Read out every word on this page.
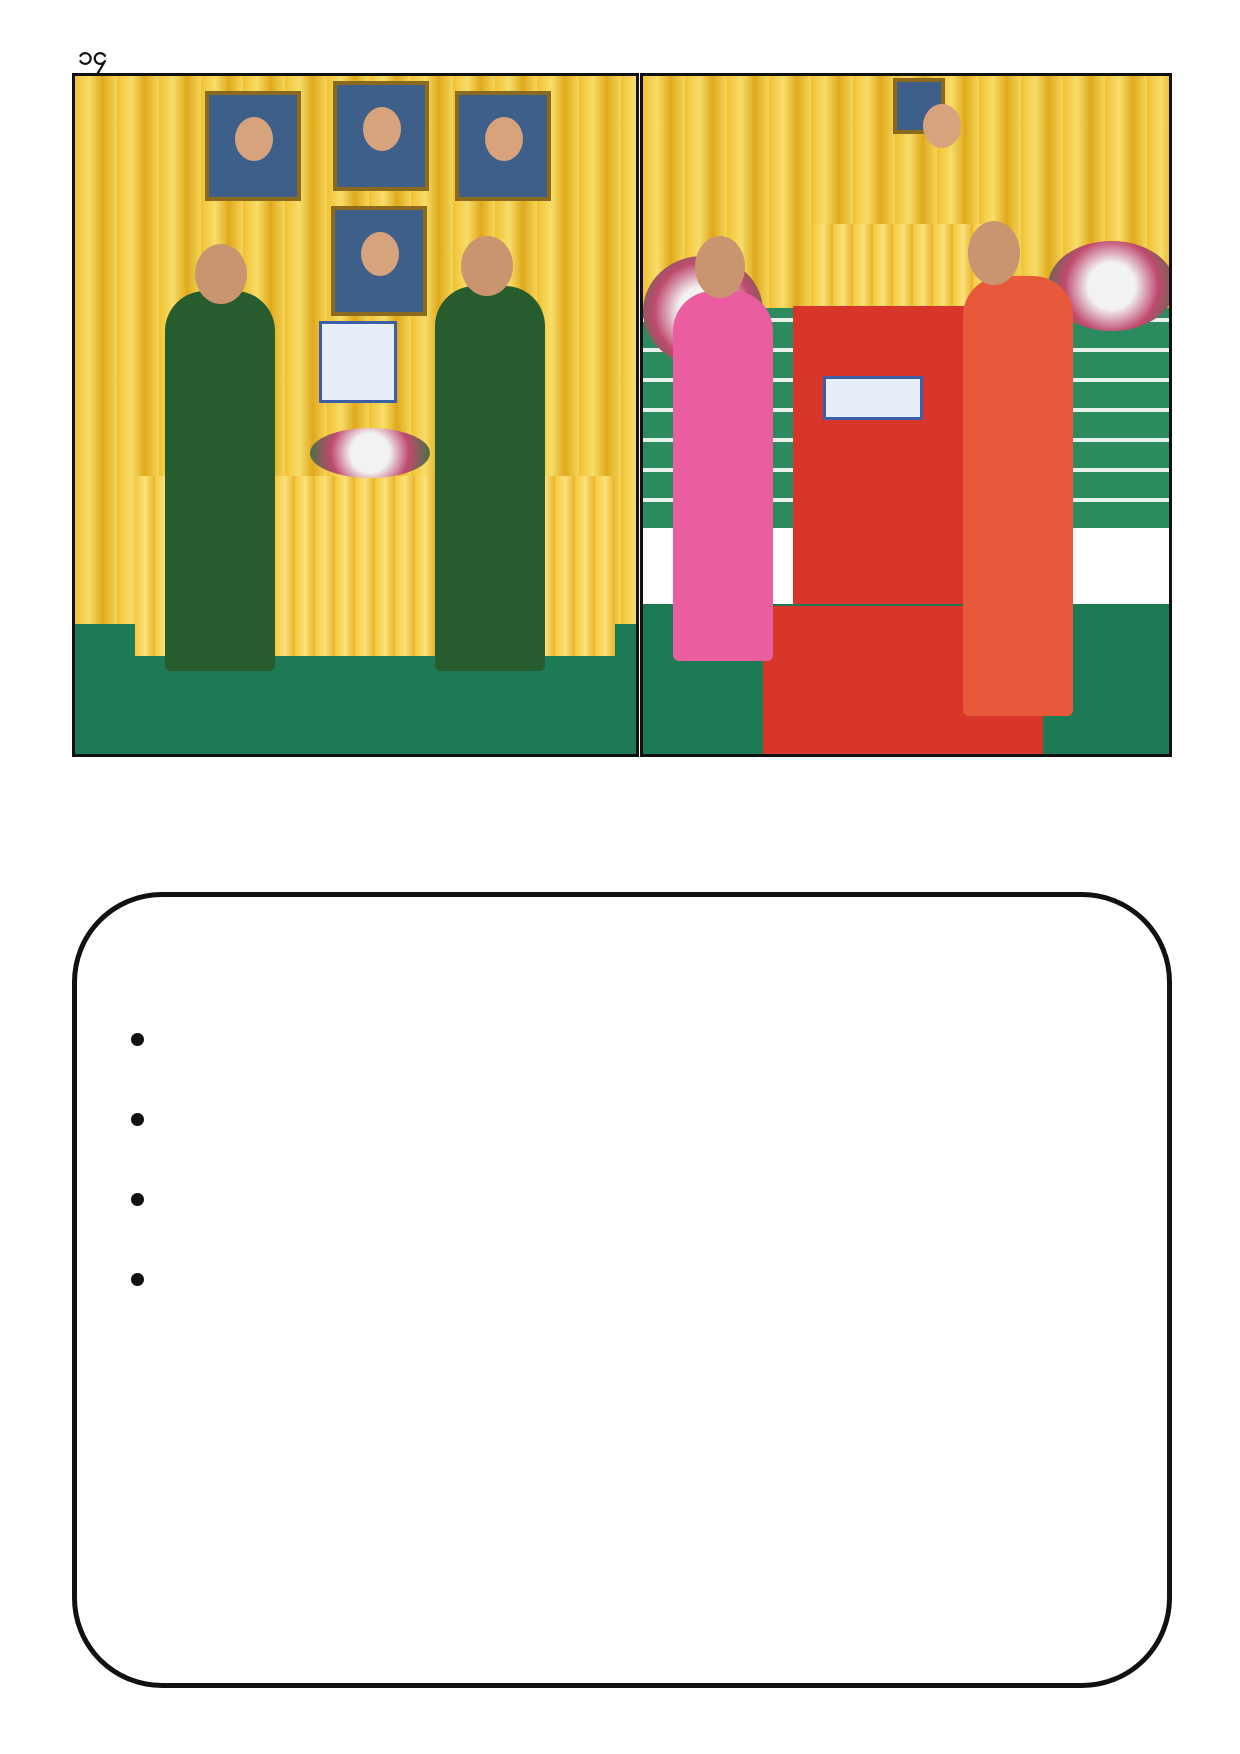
၁၄
